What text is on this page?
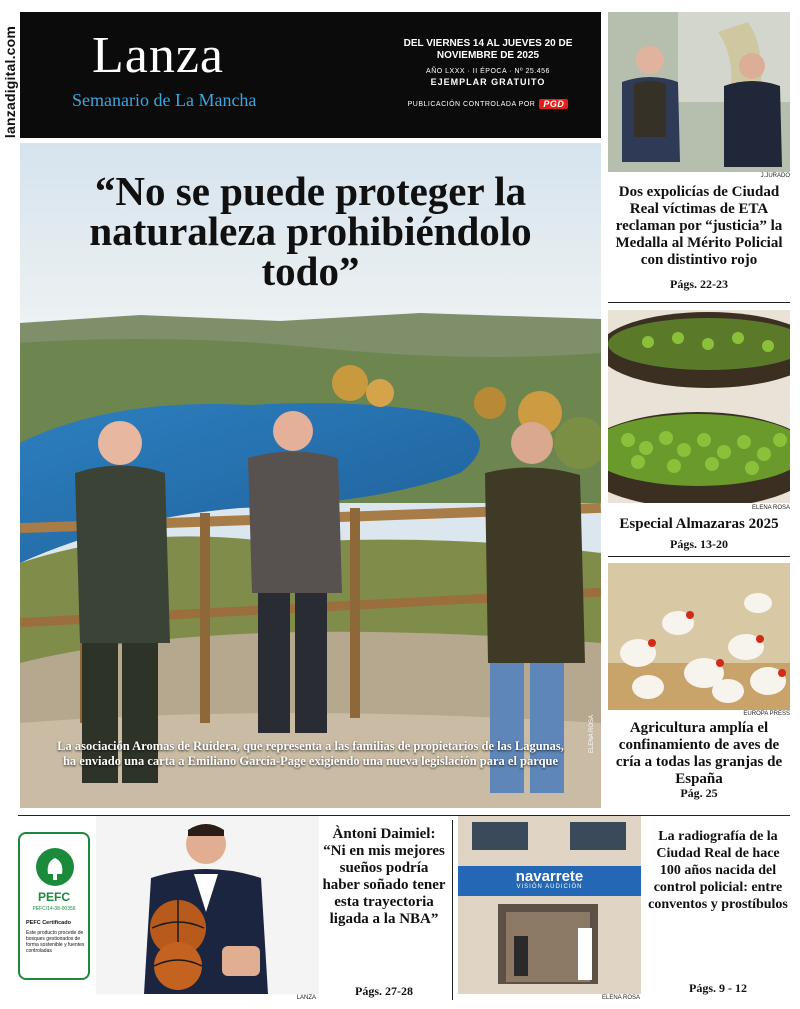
lanzadigital.com Lanza
Semanario de La Mancha
DEL VIERNES 14 AL JUEVES 20 DE NOVIEMBRE DE 2025
AÑO LXXX · II ÉPOCA · Nº 25.456
EJEMPLAR GRATUITO
PUBLICACIÓN CONTROLADA POR PGD
“No se puede proteger la naturaleza prohibiéndolo todo”
La asociación Aromas de Ruidera, que representa a las familias de propietarios de las Lagunas, ha enviado una carta a Emiliano García-Page exigiendo una nueva legislación para el parque
ELENA ROSA
J.JURADO
Dos expolicías de Ciudad Real víctimas de ETA reclaman por “justicia” la Medalla al Mérito Policial con distintivo rojo
Págs. 22-23
ELENA ROSA
Especial Almazaras 2025
Págs. 13-20
EUROPA PRESS
Agricultura amplía el confinamiento de aves de cría a todas las granjas de España
Pág. 25
PEFC
PEFC/14-38-00356
PEFC Certificado
Este producto procede de bosques gestionados de forma sostenible y fuentes controladas
LANZA
Àntoni Daimiel: “Ni en mis mejores sueños podría haber soñado tener esta trayectoria ligada a la NBA”
Págs. 27-28
navarrete
VISIÓN AUDICIÓN
ELENA ROSA
La radiografía de la Ciudad Real de hace 100 años nacida del control policial: entre conventos y prostíbulos
Págs. 9 - 12
